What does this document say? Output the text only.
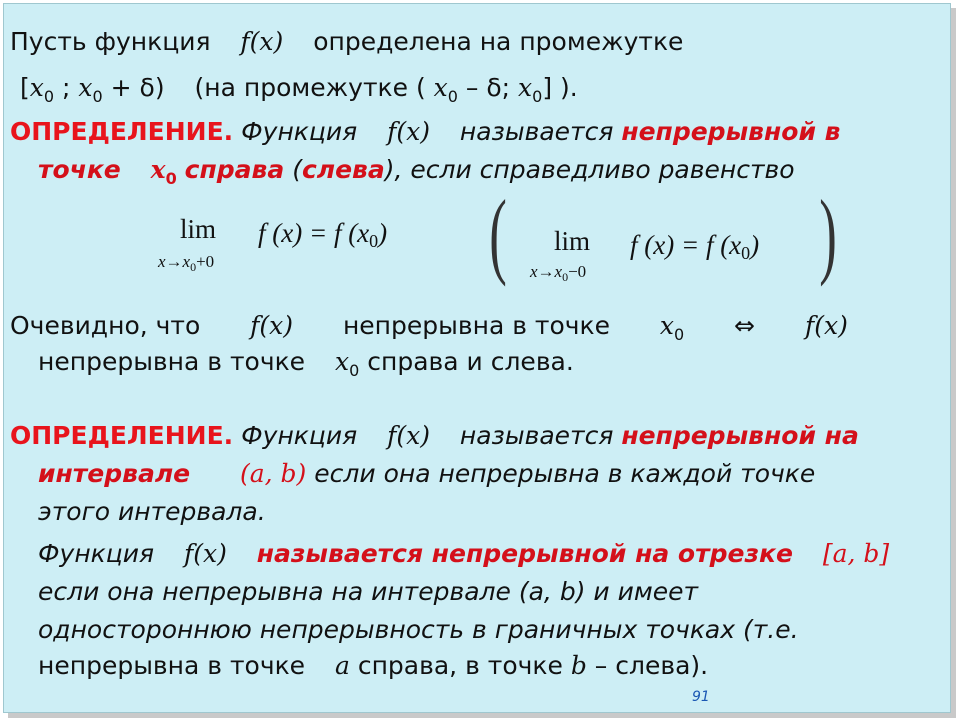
Пусть функция f(x) определена на промежутке
[$x_0$ ; $x_0 + \delta$) (на промежутке ( $x_0$ – δ; $x_0$] ).
ОПРЕДЕЛЕНИЕ. Функция f(x) называется непрерывной в
точке $x_0$ справа (слева), если справедливо равенство
lim
$x\to x_0+0$
f (x) = f (x0) (	)
lim
$x\to x_0-0$
f (x) = f (x0)
Очевидно, что f(x) непрерывна в точке $x_0$ ⇔ f(x)
непрерывна в точке $x_0$ справа и слева.
ОПРЕДЕЛЕНИЕ. Функция f(x) называется непрерывной на
интервале (a, b) если она непрерывна в каждой точке
этого интервала.
Функция f(x) называется непрерывной на отрезке [a, b]
если она непрерывна на интервале (a, b) и имеет
одностороннюю непрерывность в граничных точках (т.е.
непрерывна в точке a справа, в точке b – слева).
91
